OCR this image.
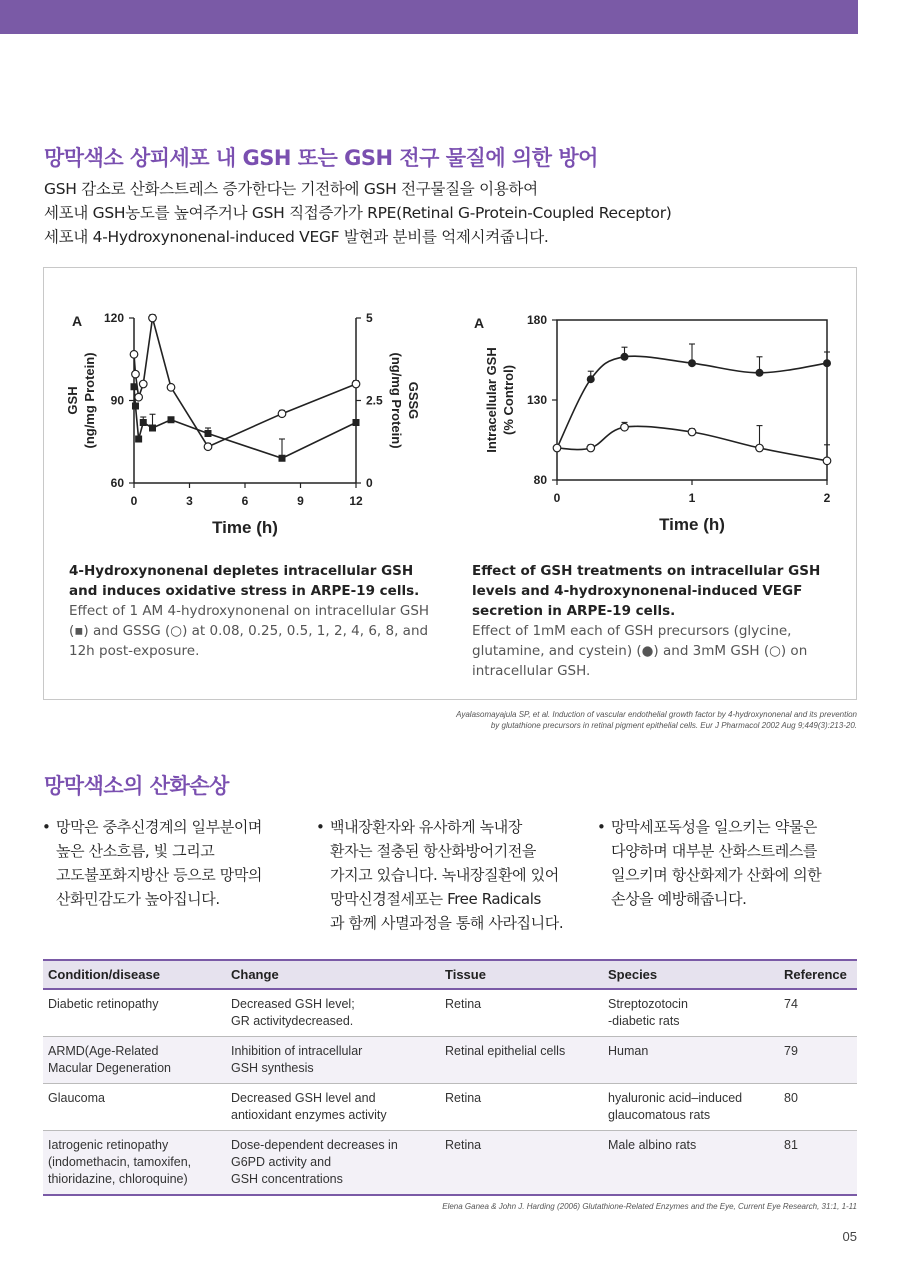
망막색소 상피세포 내 GSH 또는 GSH 전구 물질에 의한 방어
GSH 감소로 산화스트레스 증가한다는 기전하에 GSH 전구물질을 이용하여
세포내 GSH농도를 높여주거나 GSH 직접증가가 RPE(Retinal G-Protein-Coupled Receptor)
세포내 4-Hydroxynonenal-induced VEGF 발현과 분비를 억제시켜줍니다.
A
0	3	6	9	12
60
90
120
0
2.5
5
Time (h)
GSH (ng/mg Protein)	GSSG
(ng/mg Protein)
A
0	1	2
80
130
180
Time (h)
Intracellular GSH (% Control)
4-Hydroxynonenal depletes intracellular GSH and induces oxidative stress in ARPE-19 cells.
Effect of 1 AM 4-hydroxynonenal on intracellular GSH (▪) and GSSG (○) at 0.08, 0.25, 0.5, 1, 2, 4, 6, 8, and 12h post-exposure.
Effect of GSH treatments on intracellular GSH levels and 4-hydroxynonenal-induced VEGF secretion in ARPE-19 cells.
Effect of 1mM each of GSH precursors (glycine, glutamine, and cystein) (●) and 3mM GSH (○) on intracellular GSH.
Ayalasomayajula SP, et al. Induction of vascular endothelial growth factor by 4-hydroxynonenal and its prevention
by glutathione precursors in retinal pigment epithelial cells. Eur J Pharmacol 2002 Aug 9;449(3):213-20.
망막색소의 산화손상
• 망막은 중추신경계의 일부분이며
높은 산소흐름, 빛 그리고
고도불포화지방산 등으로 망막의
산화민감도가 높아집니다.
• 백내장환자와 유사하게 녹내장
환자는 절충된 항산화방어기전을
가지고 있습니다. 녹내장질환에 있어
망막신경절세포는 Free Radicals
과 함께 사멸과정을 통해 사라집니다.
• 망막세포독성을 일으키는 약물은
다양하며 대부분 산화스트레스를
일으키며 항산화제가 산화에 의한
손상을 예방해줍니다.
Condition/disease	Change	Tissue	Species	Reference

Diabetic retinopathy	Decreased GSH level;
GR activitydecreased.	Retina	Streptozotocin
-diabetic rats	74

ARMD(Age-Related
Macular Degeneration	Inhibition of intracellular
GSH synthesis	Retinal epithelial cells	Human	79

Glaucoma	Decreased GSH level and
antioxidant enzymes activity	Retina	hyaluronic acid–induced
glaucomatous rats	80

Iatrogenic retinopathy
(indomethacin, tamoxifen,
thioridazine, chloroquine)	Dose-dependent decreases in
G6PD activity and
GSH concentrations	Retina	Male albino rats	81
Elena Ganea & John J. Harding (2006) Glutathione-Related Enzymes and the Eye, Current Eye Research, 31:1, 1-11
05
